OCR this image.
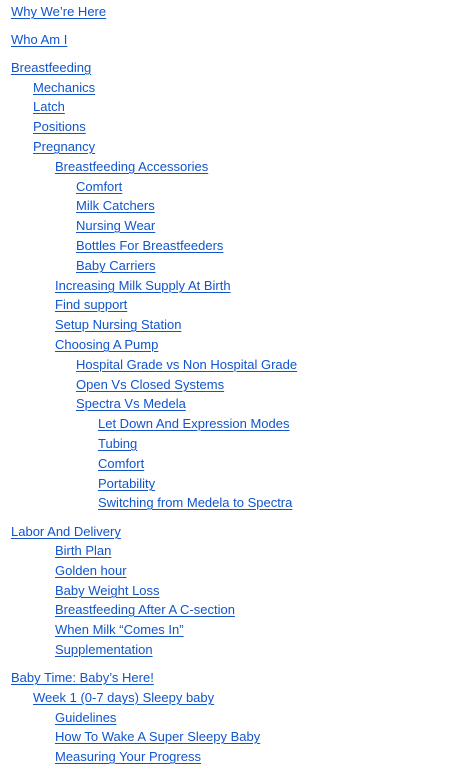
Why We’re Here
Who Am I
Breastfeeding
Mechanics
Latch
Positions
Pregnancy
Breastfeeding Accessories
Comfort
Milk Catchers
Nursing Wear
Bottles For Breastfeeders
Baby Carriers
Increasing Milk Supply At Birth
Find support
Setup Nursing Station
Choosing A Pump
Hospital Grade vs Non Hospital Grade
Open Vs Closed Systems
Spectra Vs Medela
Let Down And Expression Modes
Tubing
Comfort
Portability
Switching from Medela to Spectra
Labor And Delivery
Birth Plan
Golden hour
Baby Weight Loss
Breastfeeding After A C-section
When Milk “Comes In”
Supplementation
Baby Time: Baby’s Here!
Week 1 (0-7 days) Sleepy baby
Guidelines
How To Wake A Super Sleepy Baby
Measuring Your Progress
